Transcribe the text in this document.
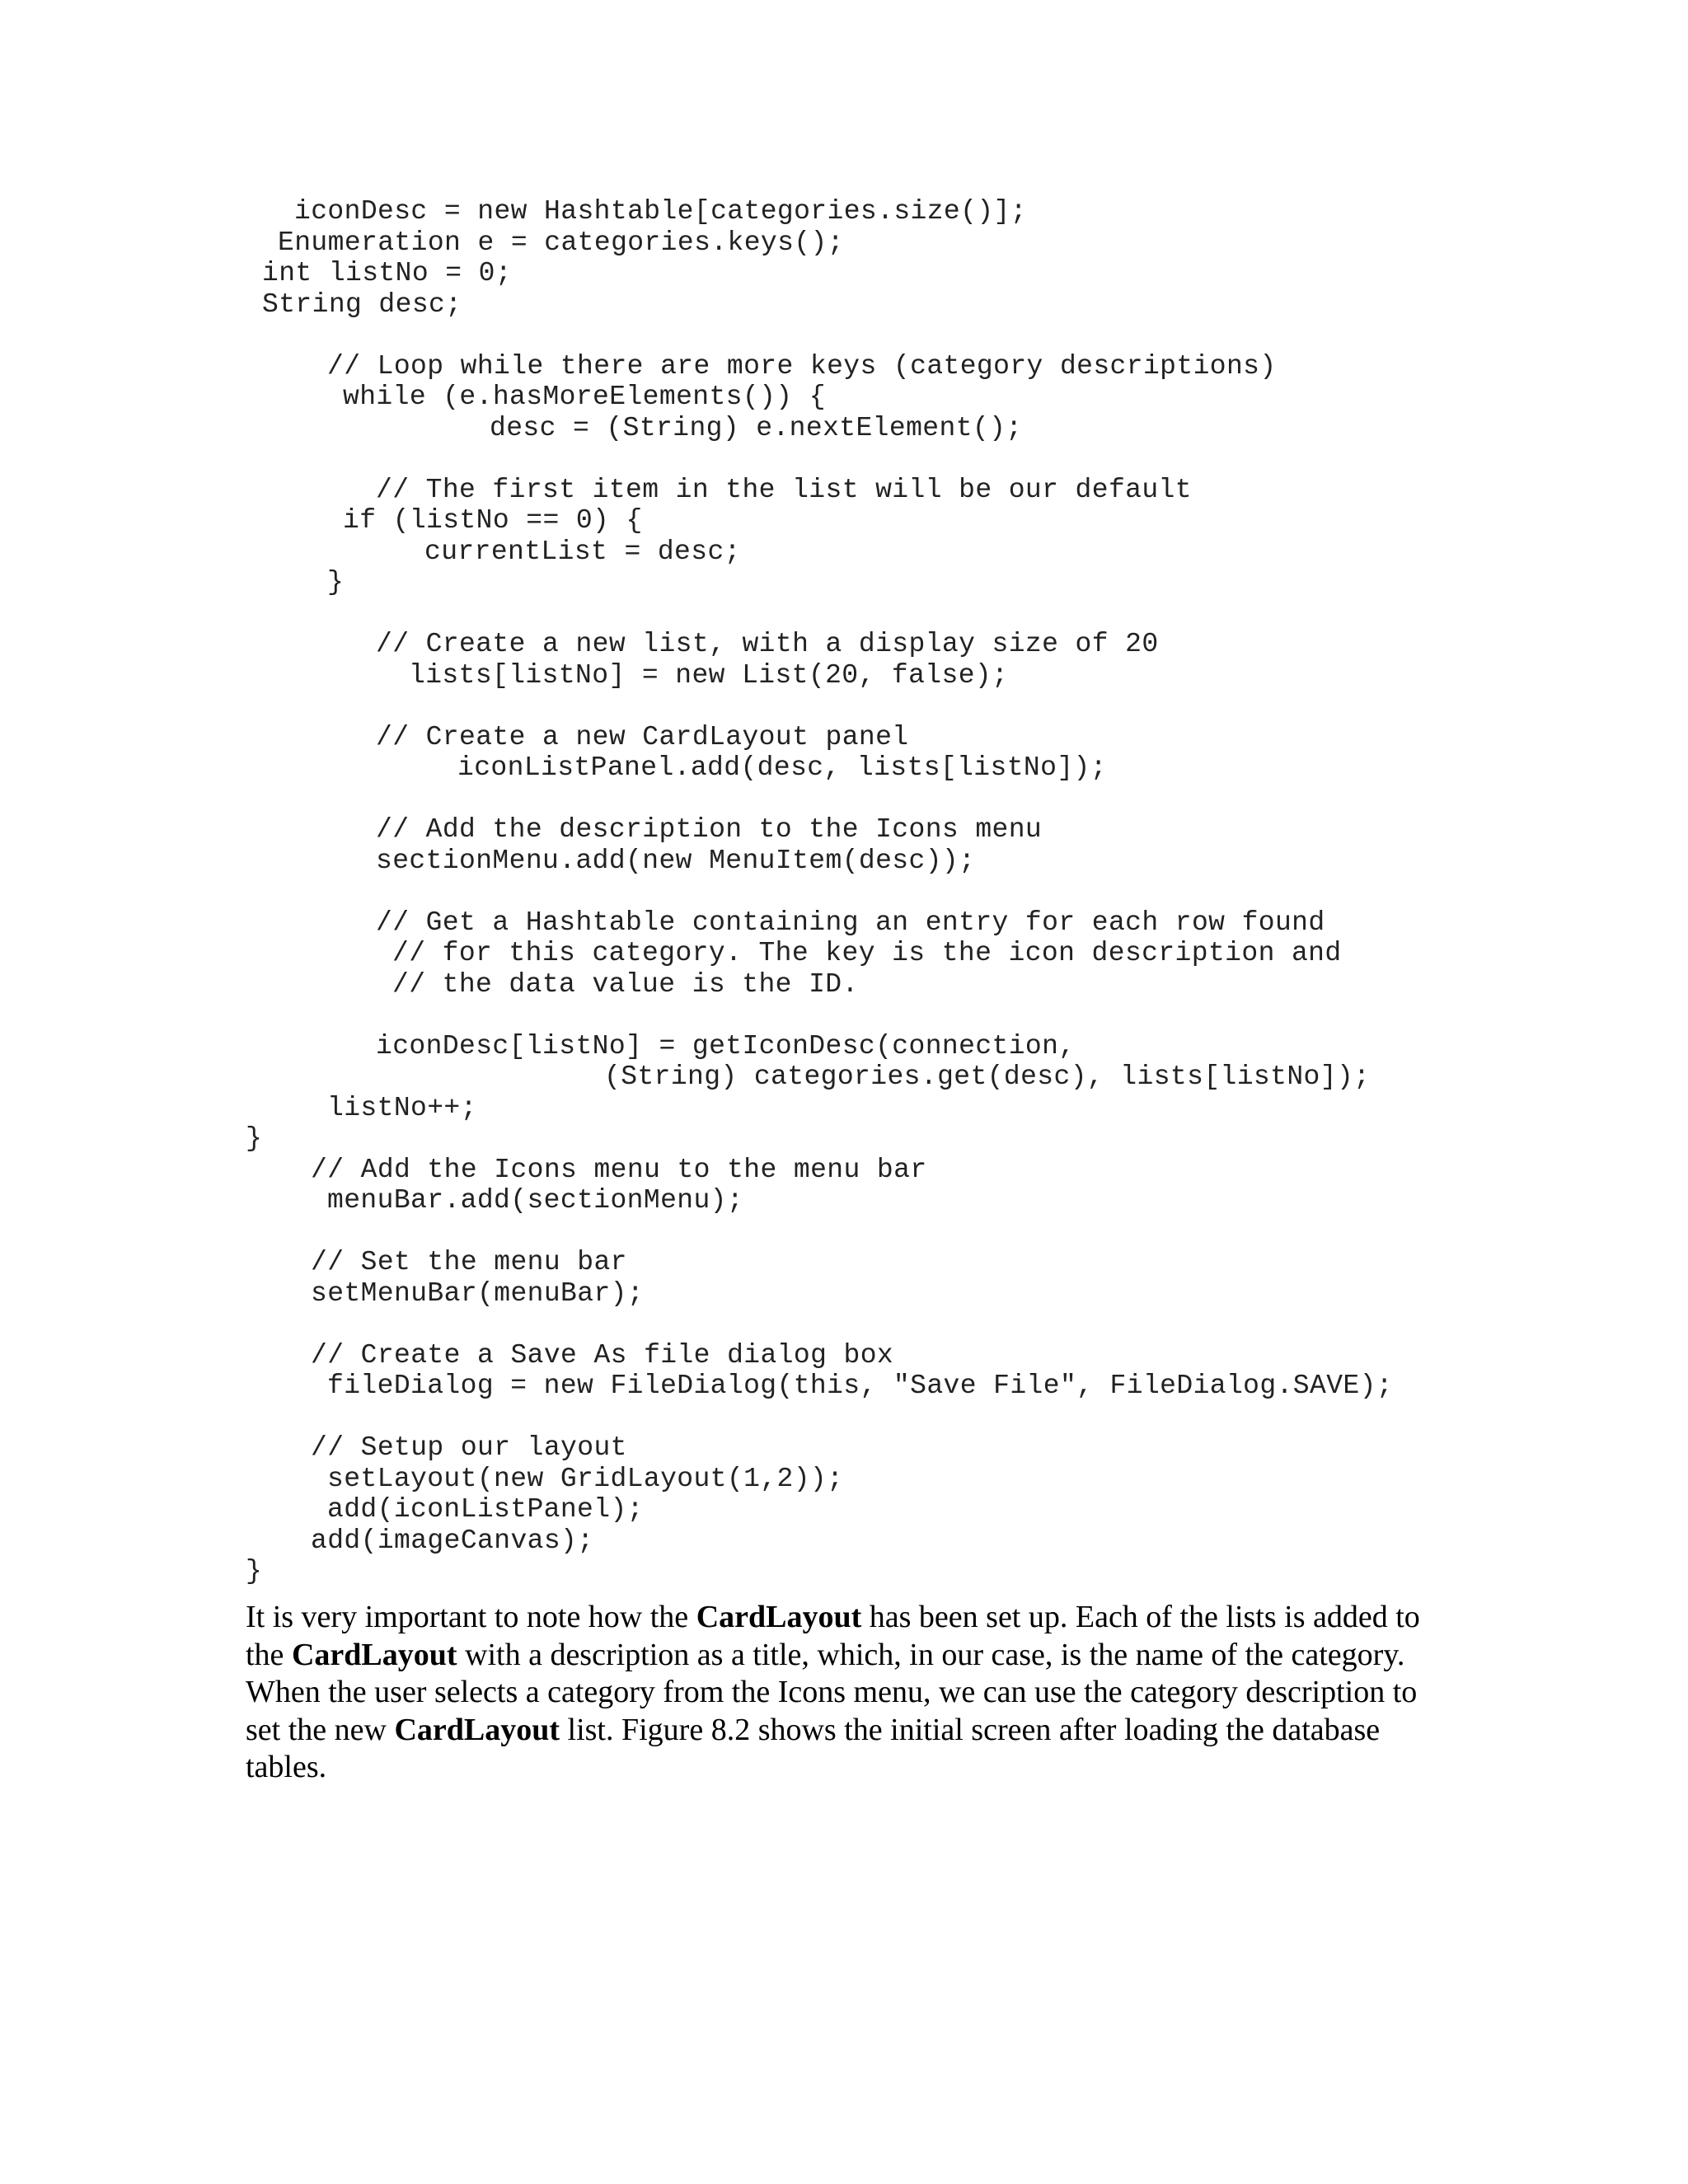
iconDesc = new Hashtable[categories.size()];
Enumeration e = categories.keys();
int listNo = 0;
String desc;
// Loop while there are more keys (category descriptions)
while (e.hasMoreElements()) {
desc = (String) e.nextElement();
// The first item in the list will be our default
if (listNo == 0) {
currentList = desc;
}
// Create a new list, with a display size of 20
lists[listNo] = new List(20, false);
// Create a new CardLayout panel
iconListPanel.add(desc, lists[listNo]);
// Add the description to the Icons menu
sectionMenu.add(new MenuItem(desc));
// Get a Hashtable containing an entry for each row found
// for this category. The key is the icon description and
// the data value is the ID.
iconDesc[listNo] = getIconDesc(connection,
(String) categories.get(desc), lists[listNo]);
listNo++;
}
// Add the Icons menu to the menu bar
menuBar.add(sectionMenu);
// Set the menu bar
setMenuBar(menuBar);
// Create a Save As file dialog box
fileDialog = new FileDialog(this, "Save File", FileDialog.SAVE);
// Setup our layout
setLayout(new GridLayout(1,2));
add(iconListPanel);
add(imageCanvas);
}

It is very important to note how the CardLayout has been set up. Each of the lists is added to the CardLayout with a description as a title, which, in our case, is the name of the category. When the user selects a category from the Icons menu, we can use the category description to set the new CardLayout list. Figure 8.2 shows the initial screen after loading the database tables.
